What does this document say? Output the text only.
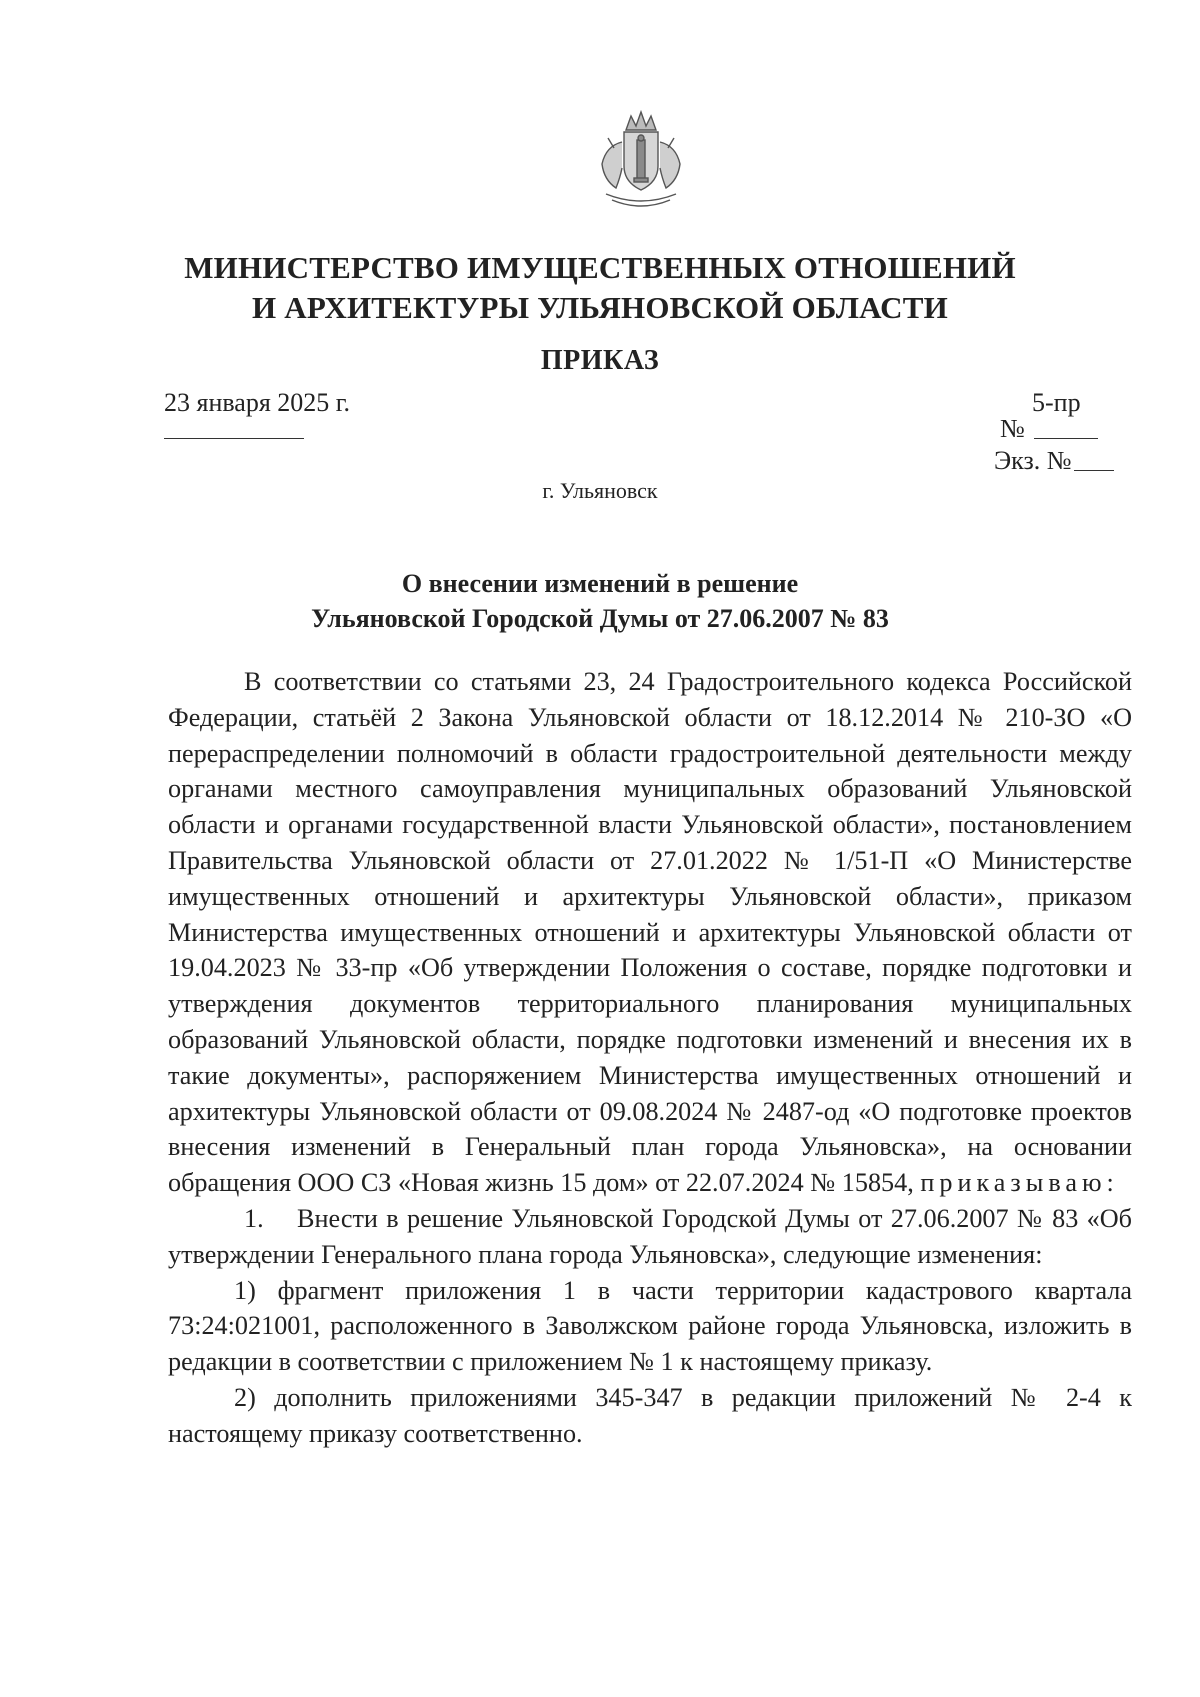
МИНИСТЕРСТВО ИМУЩЕСТВЕННЫХ ОТНОШЕНИЙ
И АРХИТЕКТУРЫ УЛЬЯНОВСКОЙ ОБЛАСТИ
ПРИКАЗ
23 января 2025 г.	5-пр
№
Экз. №
г. Ульяновск
О внесении изменений в решение
Ульяновской Городской Думы от 27.06.2007 № 83

В соответствии со статьями 23, 24 Градостроительного кодекса Российской Федерации, статьёй 2 Закона Ульяновской области от 18.12.2014 № 210-ЗО «О перераспределении полномочий в области градостроительной деятельности между органами местного самоуправления муниципальных образований Ульяновской области и органами государственной власти Ульяновской области», постановлением Правительства Ульяновской области от 27.01.2022 № 1/51-П «О Министерстве имущественных отношений и архитектуры Ульяновской области», приказом Министерства имущественных отношений и архитектуры Ульяновской области от 19.04.2023 № 33-пр «Об утверждении Положения о составе, порядке подготовки и утверждения документов территориального планирования муниципальных образований Ульяновской области, порядке подготовки изменений и внесения их в такие документы», распоряжением Министерства имущественных отношений и архитектуры Ульяновской области от 09.08.2024 № 2487-од «О подготовке проектов внесения изменений в Генеральный план города Ульяновска», на основании обращения ООО СЗ «Новая жизнь 15 дом» от 22.07.2024 № 15854, приказываю:

1.    Внести в решение Ульяновской Городской Думы от 27.06.2007 № 83 «Об утверждении Генерального плана города Ульяновска», следующие изменения:

1) фрагмент приложения 1 в части территории кадастрового квартала 73:24:021001, расположенного в Заволжском районе города Ульяновска, изложить в редакции в соответствии с приложением № 1 к настоящему приказу.

2) дополнить приложениями 345-347 в редакции приложений № 2-4 к настоящему приказу соответственно.
